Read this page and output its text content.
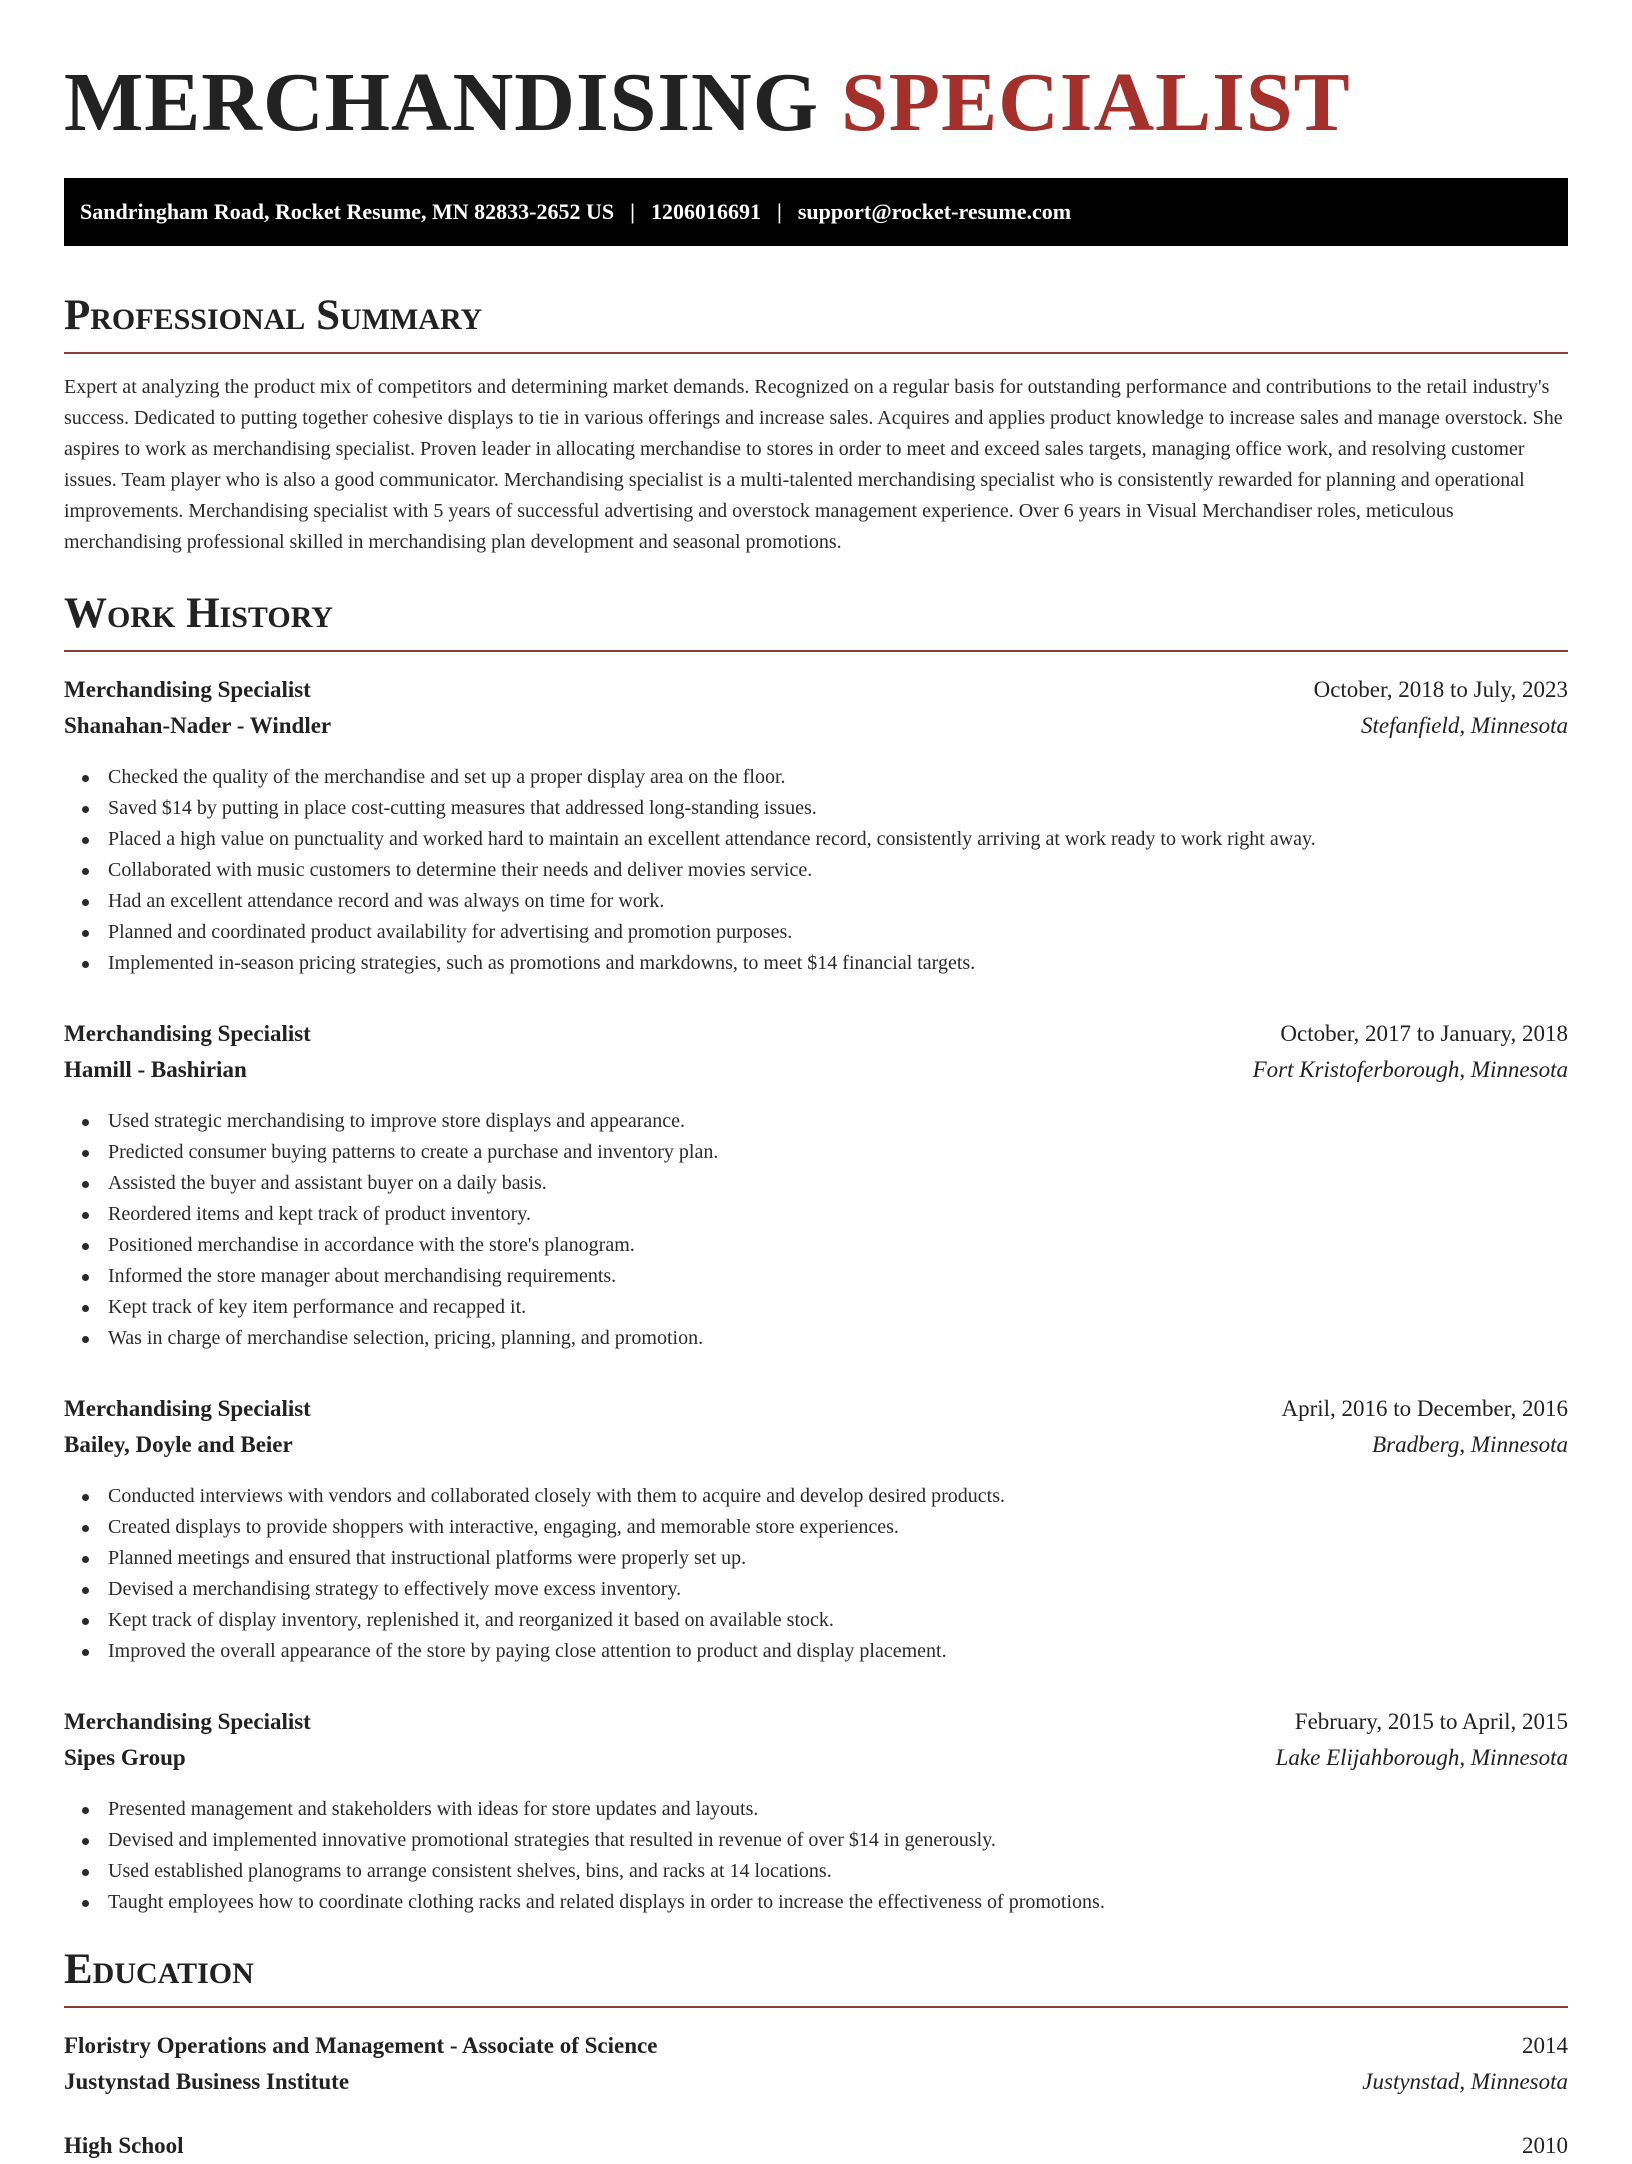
MERCHANDISING SPECIALIST
Sandringham Road, Rocket Resume, MN 82833-2652 US | 1206016691 | support@rocket-resume.com
Professional Summary

Expert at analyzing the product mix of competitors and determining market demands. Recognized on a regular basis for outstanding performance and contributions to the retail industry's success. Dedicated to putting together cohesive displays to tie in various offerings and increase sales. Acquires and applies product knowledge to increase sales and manage overstock. She aspires to work as merchandising specialist. Proven leader in allocating merchandise to stores in order to meet and exceed sales targets, managing office work, and resolving customer issues. Team player who is also a good communicator. Merchandising specialist is a multi-talented merchandising specialist who is consistently rewarded for planning and operational improvements. Merchandising specialist with 5 years of successful advertising and overstock management experience. Over 6 years in Visual Merchandiser roles, meticulous merchandising professional skilled in merchandising plan development and seasonal promotions.

Work History
Merchandising Specialist	October, 2018 to July, 2023
Shanahan-Nader - Windler	Stefanfield, Minnesota
Checked the quality of the merchandise and set up a proper display area on the floor.
Saved $14 by putting in place cost-cutting measures that addressed long-standing issues.
Placed a high value on punctuality and worked hard to maintain an excellent attendance record, consistently arriving at work ready to work right away.
Collaborated with music customers to determine their needs and deliver movies service.
Had an excellent attendance record and was always on time for work.
Planned and coordinated product availability for advertising and promotion purposes.
Implemented in-season pricing strategies, such as promotions and markdowns, to meet $14 financial targets.
Merchandising Specialist	October, 2017 to January, 2018
Hamill - Bashirian	Fort Kristoferborough, Minnesota
Used strategic merchandising to improve store displays and appearance.
Predicted consumer buying patterns to create a purchase and inventory plan.
Assisted the buyer and assistant buyer on a daily basis.
Reordered items and kept track of product inventory.
Positioned merchandise in accordance with the store's planogram.
Informed the store manager about merchandising requirements.
Kept track of key item performance and recapped it.
Was in charge of merchandise selection, pricing, planning, and promotion.
Merchandising Specialist	April, 2016 to December, 2016
Bailey, Doyle and Beier	Bradberg, Minnesota
Conducted interviews with vendors and collaborated closely with them to acquire and develop desired products.
Created displays to provide shoppers with interactive, engaging, and memorable store experiences.
Planned meetings and ensured that instructional platforms were properly set up.
Devised a merchandising strategy to effectively move excess inventory.
Kept track of display inventory, replenished it, and reorganized it based on available stock.
Improved the overall appearance of the store by paying close attention to product and display placement.
Merchandising Specialist	February, 2015 to April, 2015
Sipes Group	Lake Elijahborough, Minnesota
Presented management and stakeholders with ideas for store updates and layouts.
Devised and implemented innovative promotional strategies that resulted in revenue of over $14 in generously.
Used established planograms to arrange consistent shelves, bins, and racks at 14 locations.
Taught employees how to coordinate clothing racks and related displays in order to increase the effectiveness of promotions.
Education
Floristry Operations and Management - Associate of Science	2014
Justynstad Business Institute	Justynstad, Minnesota
High School	2010
